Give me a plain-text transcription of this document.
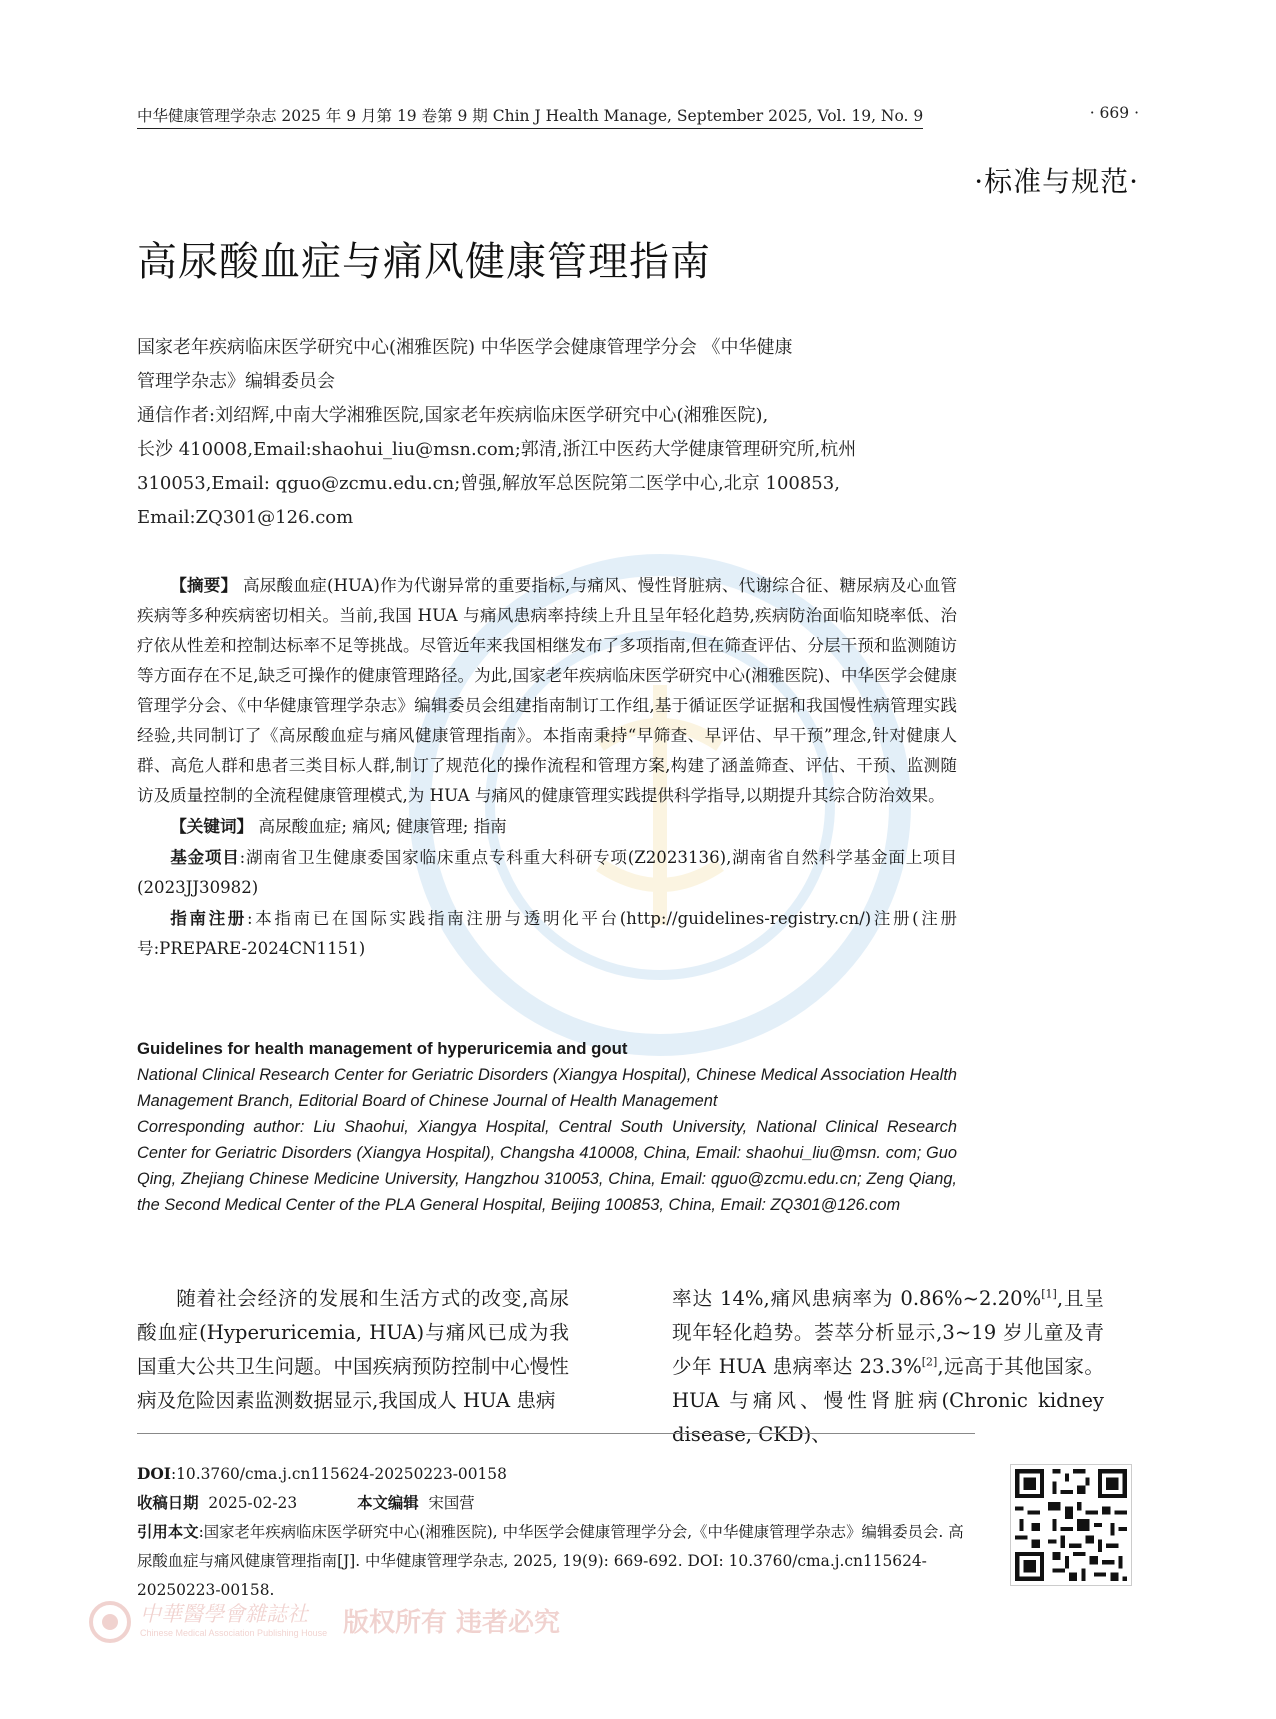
中华健康管理学杂志 2025 年 9 月第 19 卷第 9 期 Chin J Health Manage, September 2025, Vol. 19, No. 9	· 669 ·
·标准与规范·
高尿酸血症与痛风健康管理指南

国家老年疾病临床医学研究中心(湘雅医院) 中华医学会健康管理学分会 《中华健康

管理学杂志》编辑委员会

通信作者:刘绍辉,中南大学湘雅医院,国家老年疾病临床医学研究中心(湘雅医院),

长沙 410008,Email:shaohui_liu@msn.com;郭清,浙江中医药大学健康管理研究所,杭州

310053,Email: qguo@zcmu.edu.cn;曾强,解放军总医院第二医学中心,北京 100853,

Email:ZQ301@126.com

【摘要】 高尿酸血症(HUA)作为代谢异常的重要指标,与痛风、慢性肾脏病、代谢综合征、糖尿病及心血管疾病等多种疾病密切相关。当前,我国 HUA 与痛风患病率持续上升且呈年轻化趋势,疾病防治面临知晓率低、治疗依从性差和控制达标率不足等挑战。尽管近年来我国相继发布了多项指南,但在筛查评估、分层干预和监测随访等方面存在不足,缺乏可操作的健康管理路径。为此,国家老年疾病临床医学研究中心(湘雅医院)、中华医学会健康管理学分会、《中华健康管理学杂志》编辑委员会组建指南制订工作组,基于循证医学证据和我国慢性病管理实践经验,共同制订了《高尿酸血症与痛风健康管理指南》。本指南秉持“早筛查、早评估、早干预”理念,针对健康人群、高危人群和患者三类目标人群,制订了规范化的操作流程和管理方案,构建了涵盖筛查、评估、干预、监测随访及质量控制的全流程健康管理模式,为 HUA 与痛风的健康管理实践提供科学指导,以期提升其综合防治效果。

【关键词】 高尿酸血症; 痛风; 健康管理; 指南

基金项目:湖南省卫生健康委国家临床重点专科重大科研专项(Z2023136),湖南省自然科学基金面上项目(2023JJ30982)

指南注册:本指南已在国际实践指南注册与透明化平台(http://guidelines-registry.cn/)注册(注册号:PREPARE-2024CN1151)

Guidelines for health management of hyperuricemia and gout

National Clinical Research Center for Geriatric Disorders (Xiangya Hospital), Chinese Medical Association Health Management Branch, Editorial Board of Chinese Journal of Health Management

Corresponding author: Liu Shaohui, Xiangya Hospital, Central South University, National Clinical Research Center for Geriatric Disorders (Xiangya Hospital), Changsha 410008, China, Email: shaohui_liu@msn. com; Guo Qing, Zhejiang Chinese Medicine University, Hangzhou 310053, China, Email: qguo@zcmu.edu.cn; Zeng Qiang, the Second Medical Center of the PLA General Hospital, Beijing 100853, China, Email: ZQ301@126.com

随着社会经济的发展和生活方式的改变,高尿酸血症(Hyperuricemia, HUA)与痛风已成为我国重大公共卫生问题。中国疾病预防控制中心慢性病及危险因素监测数据显示,我国成人 HUA 患病

率达 14%,痛风患病率为 0.86%~2.20%[1],且呈现年轻化趋势。荟萃分析显示,3~19 岁儿童及青少年 HUA 患病率达 23.3%[2],远高于其他国家。HUA 与痛风、慢性肾脏病(Chronic kidney disease, CKD)、

DOI:10.3760/cma.j.cn115624-20250223-00158

收稿日期 2025-02-23	本文编辑 宋国营

引用本文:国家老年疾病临床医学研究中心(湘雅医院), 中华医学会健康管理学分会,《中华健康管理学杂志》编辑委员会. 高尿酸血症与痛风健康管理指南[J]. 中华健康管理学杂志, 2025, 19(9): 669-692. DOI: 10.3760/cma.j.cn115624-20250223-00158.

中華醫學會雜誌社
Chinese Medical Association Publishing House 版权所有 违者必究
